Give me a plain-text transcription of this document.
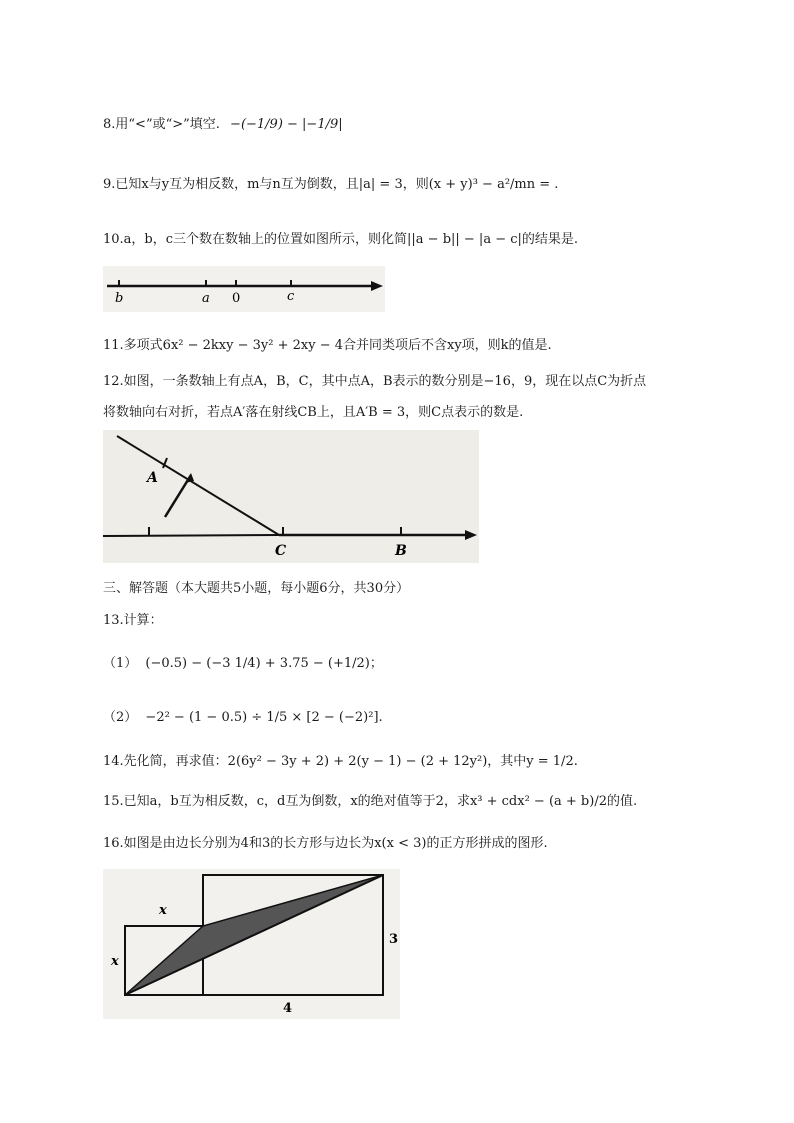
8.用“<”或“>”填空. −(−1/9) − |−1/9|
9.已知x与y互为相反数，m与n互为倒数，且|a| = 3，则(x + y)³ − a²/mn = .
10.a，b，c三个数在数轴上的位置如图所示，则化简||a − b|| − |a − c|的结果是.
b	a 0	c
11.多项式6x² − 2kxy − 3y² + 2xy − 4合并同类项后不含xy项，则k的值是.
12.如图，一条数轴上有点A，B，C，其中点A，B表示的数分别是−16，9，现在以点C为折点
将数轴向右对折，若点A′落在射线CB上，且A′B = 3，则C点表示的数是.
A
C	B
三、解答题（本大题共5小题，每小题6分，共30分）
13.计算：
（1） (−0.5) − (−3 1/4) + 3.75 − (+1/2)；
（2） −2² − (1 − 0.5) ÷ 1/5 × [2 − (−2)²].
14.先化简，再求值：2(6y² − 3y + 2) + 2(y − 1) − (2 + 12y²)，其中y = 1/2.
15.已知a，b互为相反数，c，d互为倒数，x的绝对值等于2，求x³ + cdx² − (a + b)/2的值.
16.如图是由边长分别为4和3的长方形与边长为x(x < 3)的正方形拼成的图形.
x
x
3
4
